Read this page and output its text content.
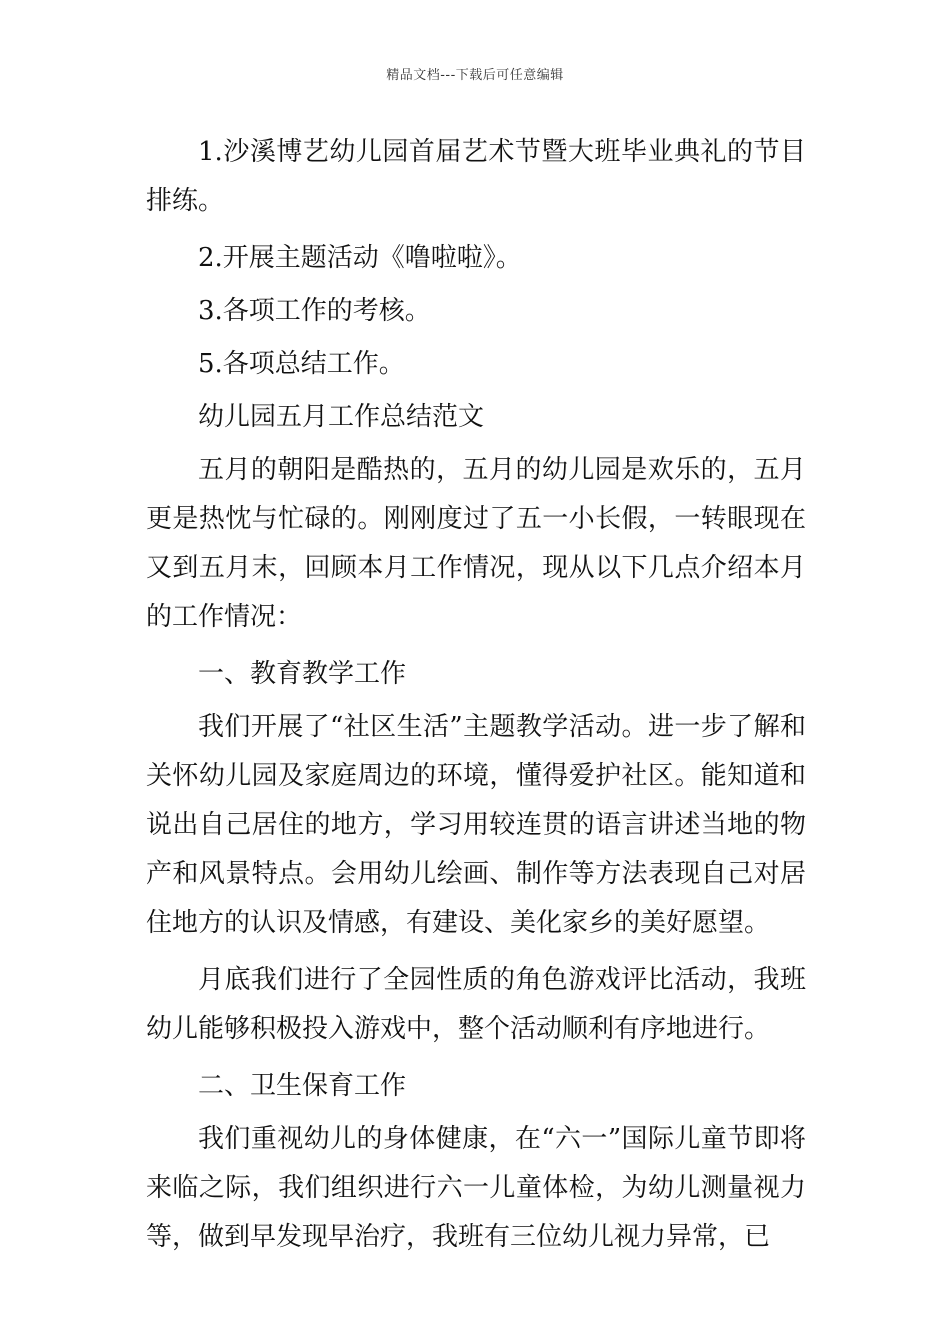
精品文档---下载后可任意编辑

1.沙溪博艺幼儿园首届艺术节暨大班毕业典礼的节目排练。

2.开展主题活动《噜啦啦》。

3.各项工作的考核。

5.各项总结工作。

幼儿园五月工作总结范文

五月的朝阳是酷热的，五月的幼儿园是欢乐的，五月更是热忱与忙碌的。刚刚度过了五一小长假，一转眼现在又到五月末，回顾本月工作情况，现从以下几点介绍本月的工作情况：

一、教育教学工作

我们开展了“社区生活”主题教学活动。进一步了解和关怀幼儿园及家庭周边的环境，懂得爱护社区。能知道和说出自己居住的地方，学习用较连贯的语言讲述当地的物产和风景特点。会用幼儿绘画、制作等方法表现自己对居住地方的认识及情感，有建设、美化家乡的美好愿望。

月底我们进行了全园性质的角色游戏评比活动，我班幼儿能够积极投入游戏中，整个活动顺利有序地进行。

二、卫生保育工作

我们重视幼儿的身体健康，在“六一”国际儿童节即将来临之际，我们组织进行六一儿童体检，为幼儿测量视力等，做到早发现早治疗，我班有三位幼儿视力异常，已
